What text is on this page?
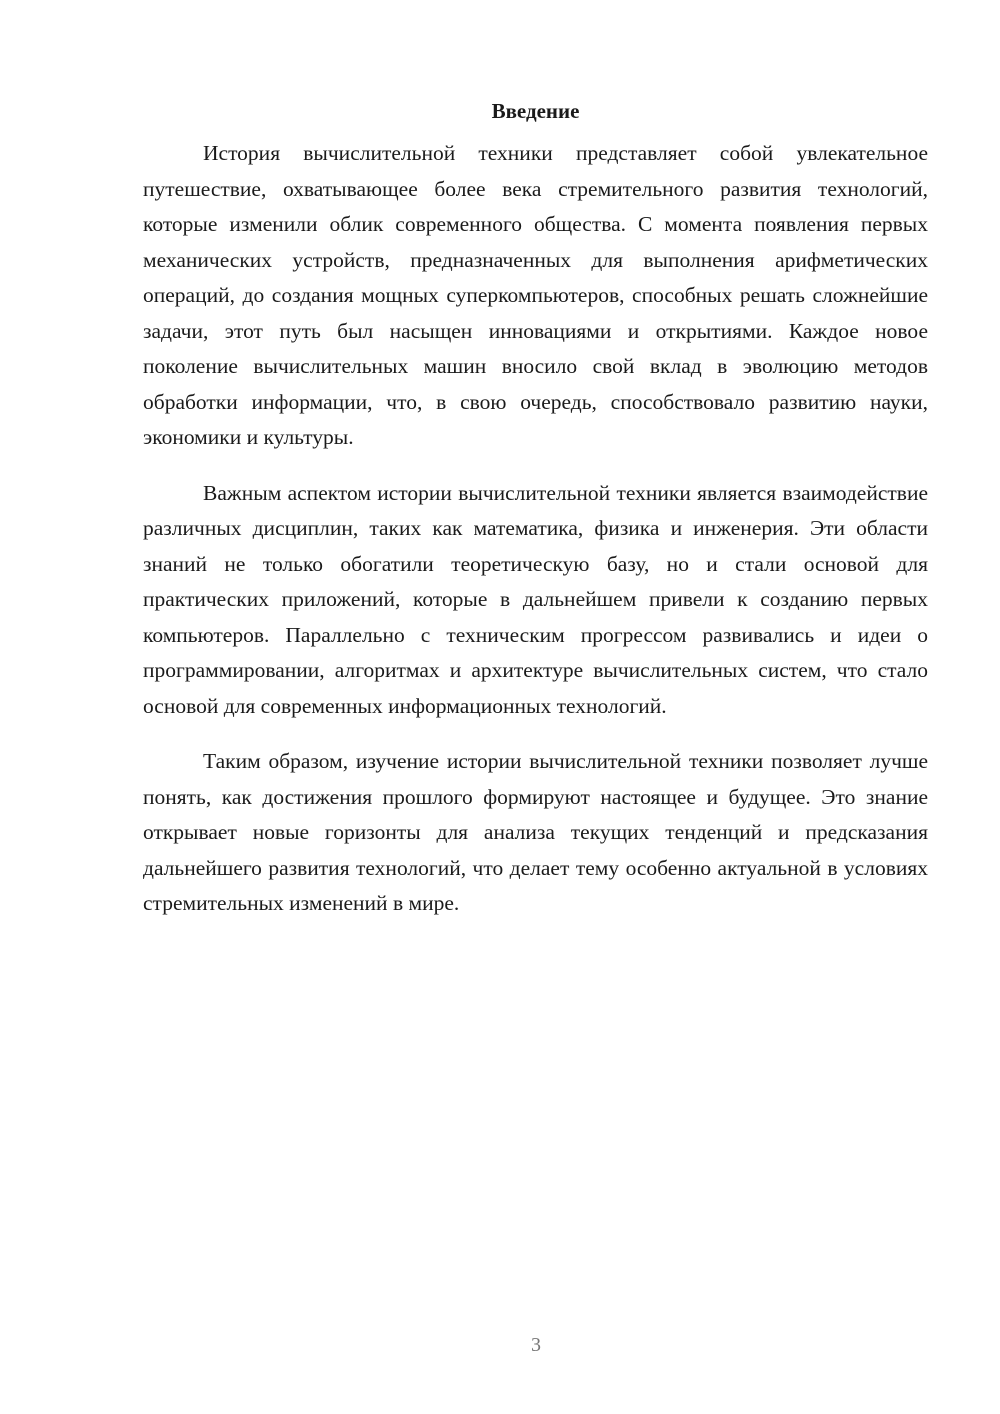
Введение

История вычислительной техники представляет собой увлекательное путешествие, охватывающее более века стремительного развития технологий, которые изменили облик современного общества. С момента появления первых механических устройств, предназначенных для выполнения арифметических операций, до создания мощных суперкомпьютеров, способных решать сложнейшие задачи, этот путь был насыщен инновациями и открытиями. Каждое новое поколение вычислительных машин вносило свой вклад в эволюцию методов обработки информации, что, в свою очередь, способствовало развитию науки, экономики и культуры.

Важным аспектом истории вычислительной техники является взаимодействие различных дисциплин, таких как математика, физика и инженерия. Эти области знаний не только обогатили теоретическую базу, но и стали основой для практических приложений, которые в дальнейшем привели к созданию первых компьютеров. Параллельно с техническим прогрессом развивались и идеи о программировании, алгоритмах и архитектуре вычислительных систем, что стало основой для современных информационных технологий.

Таким образом, изучение истории вычислительной техники позволяет лучше понять, как достижения прошлого формируют настоящее и будущее. Это знание открывает новые горизонты для анализа текущих тенденций и предсказания дальнейшего развития технологий, что делает тему особенно актуальной в условиях стремительных изменений в мире.

3
